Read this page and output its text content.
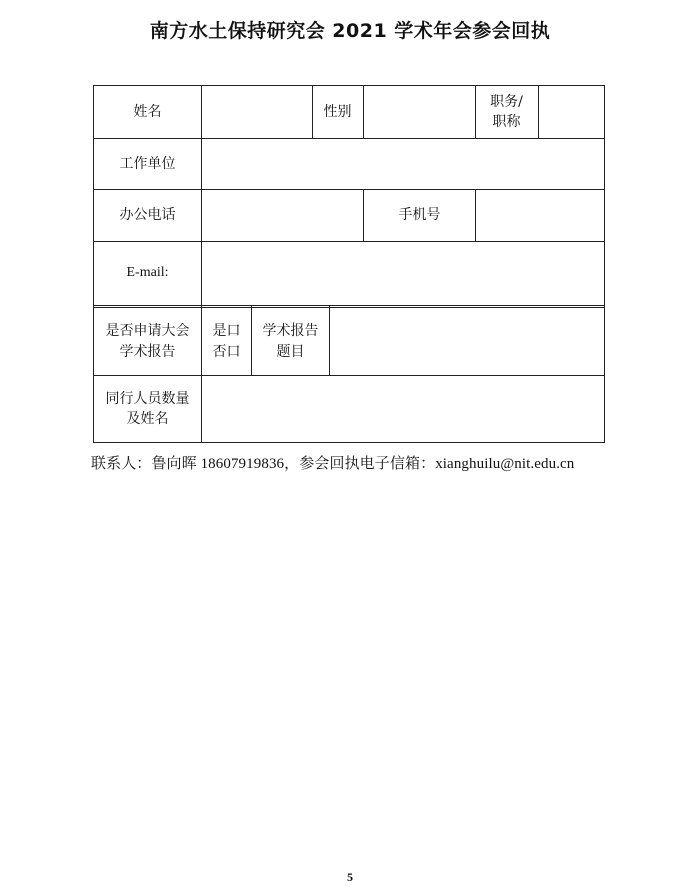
南方水土保持研究会 2021 学术年会参会回执
姓名	性别
职务/
职称
工作单位
办公电话	手机号
E-mail:
是否申请大会
学术报告
是口
否口
学术报告
题目
同行人员数量
及姓名
联系人：鲁向晖 18607919836，参会回执电子信箱：xianghuilu@nit.edu.cn
5
